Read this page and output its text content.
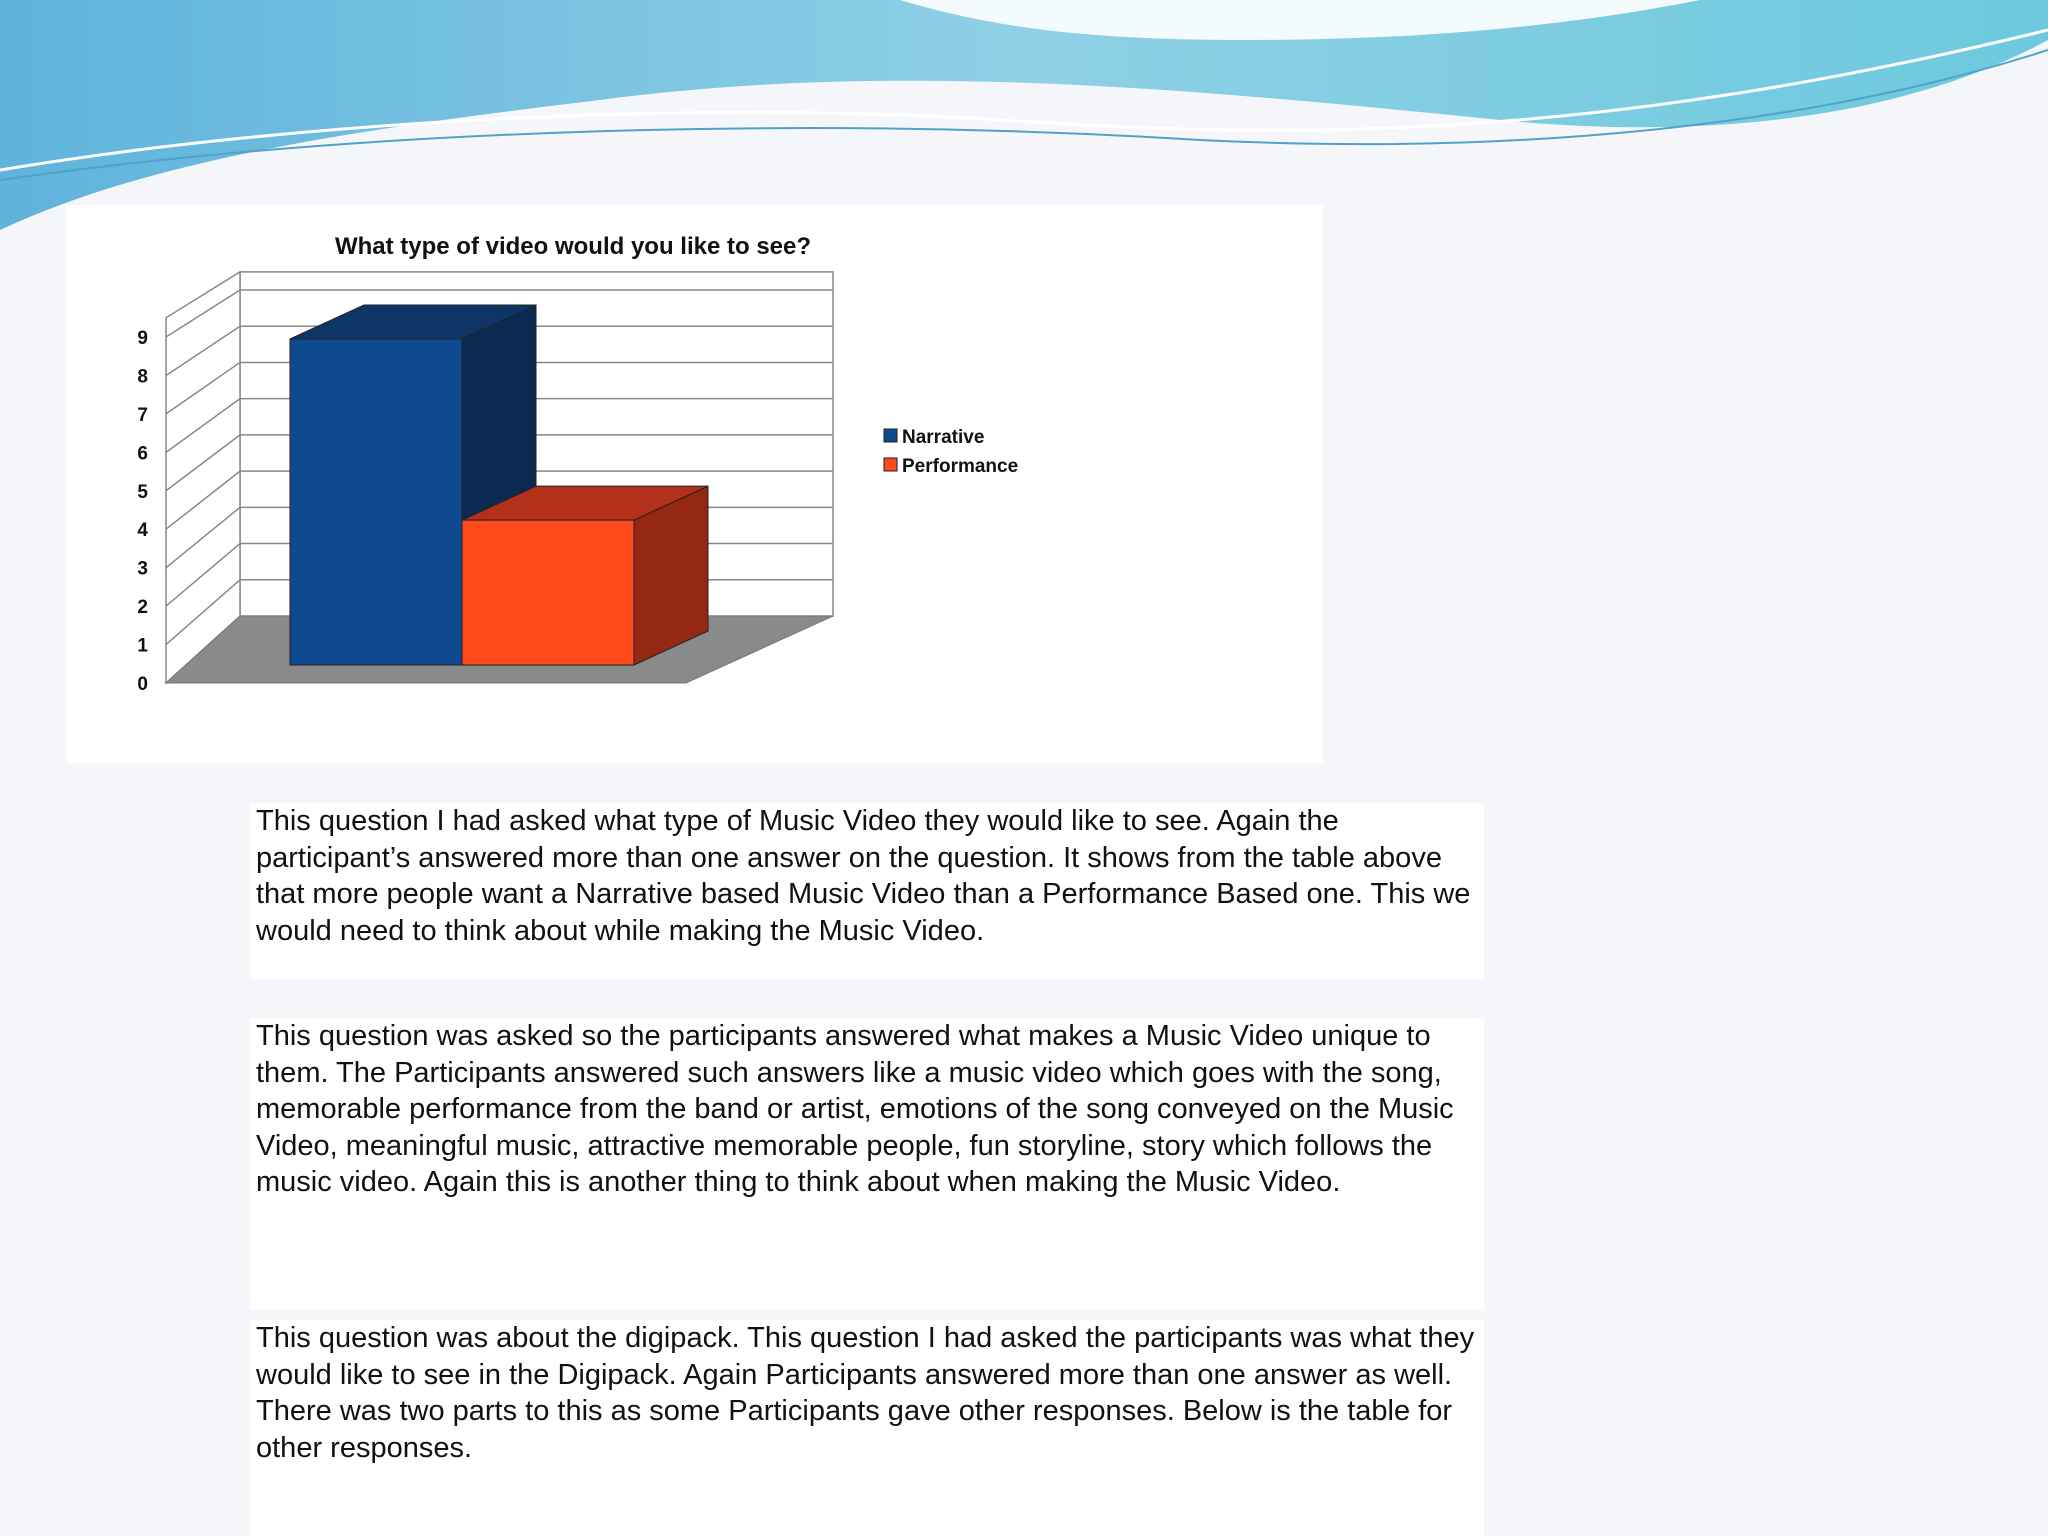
What type of video would you like to see?
0
1
2
3
4
5
6
7
8
9
Narrative
Performance

This question I had asked what type of Music Video they would like to see. Again the participant’s answered more than one answer on the question. It shows from the table above that more people want a Narrative based Music Video than a Performance Based one. This we would need to think about while making the Music Video.

This question was asked so the participants answered what makes a Music Video unique to them. The Participants answered such answers like a music video which goes with the song, memorable performance from the band or artist, emotions of the song conveyed on the Music Video, meaningful music, attractive memorable people, fun storyline, story which follows the music video. Again this is another thing to think about when making the Music Video.

This question was about the digipack. This question I had asked the participants was what they would like to see in the Digipack. Again Participants answered more than one answer as well. There was two parts to this as some Participants gave other responses. Below is the table for other responses.
